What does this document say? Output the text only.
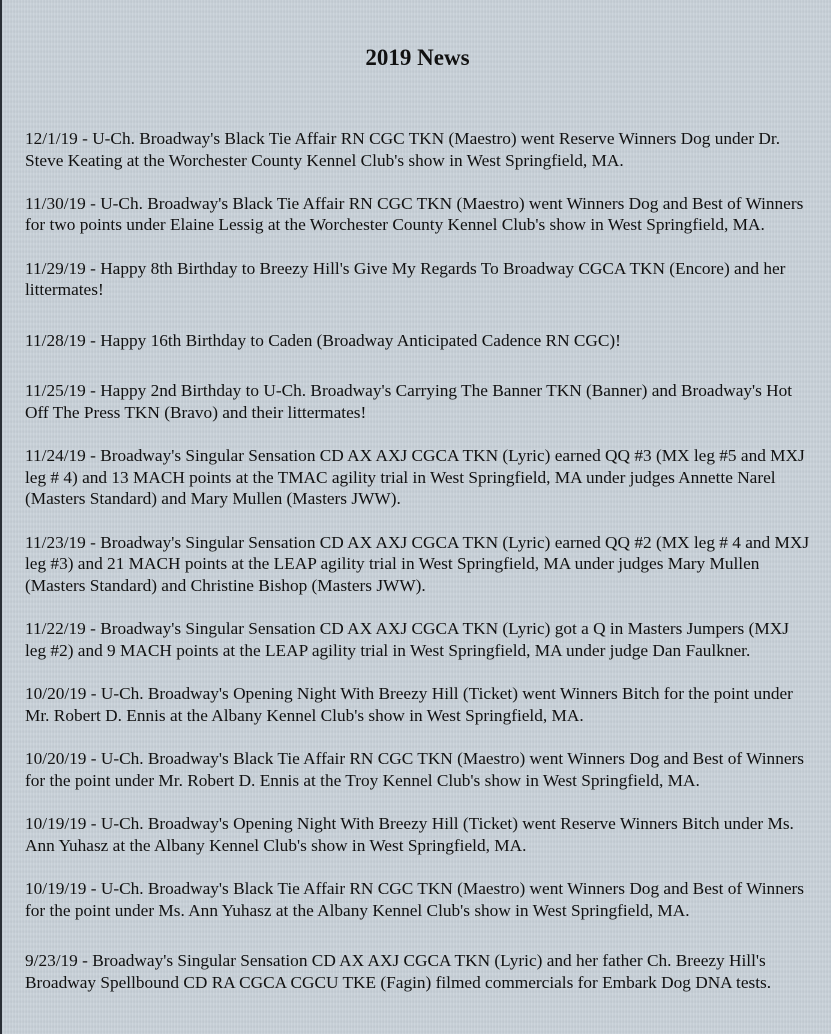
2019 News

12/1/19 - U-Ch. Broadway's Black Tie Affair RN CGC TKN (Maestro) went Reserve Winners Dog under Dr. Steve Keating at the Worchester County Kennel Club's show in West Springfield, MA.

11/30/19 - U-Ch. Broadway's Black Tie Affair RN CGC TKN (Maestro) went Winners Dog and Best of Winners for two points under Elaine Lessig at the Worchester County Kennel Club's show in West Springfield, MA.

11/29/19 - Happy 8th Birthday to Breezy Hill's Give My Regards To Broadway CGCA TKN (Encore) and her littermates!

11/28/19 - Happy 16th Birthday to Caden (Broadway Anticipated Cadence RN CGC)!

11/25/19 - Happy 2nd Birthday to U-Ch. Broadway's Carrying The Banner TKN (Banner) and Broadway's Hot Off The Press TKN (Bravo) and their littermates!

11/24/19 - Broadway's Singular Sensation CD AX AXJ CGCA TKN (Lyric) earned QQ #3 (MX leg #5 and MXJ leg # 4) and 13 MACH points at the TMAC agility trial in West Springfield, MA under judges Annette Narel (Masters Standard) and Mary Mullen (Masters JWW).

11/23/19 - Broadway's Singular Sensation CD AX AXJ CGCA TKN (Lyric) earned QQ #2 (MX leg # 4 and MXJ leg #3) and 21 MACH points at the LEAP agility trial in West Springfield, MA under judges Mary Mullen (Masters Standard) and Christine Bishop (Masters JWW).

11/22/19 - Broadway's Singular Sensation CD AX AXJ CGCA TKN (Lyric) got a Q in Masters Jumpers (MXJ leg #2) and 9 MACH points at the LEAP agility trial in West Springfield, MA under judge Dan Faulkner.

10/20/19 - U-Ch. Broadway's Opening Night With Breezy Hill (Ticket) went Winners Bitch for the point under Mr. Robert D. Ennis at the Albany Kennel Club's show in West Springfield, MA.

10/20/19 - U-Ch. Broadway's Black Tie Affair RN CGC TKN (Maestro) went Winners Dog and Best of Winners for the point under Mr. Robert D. Ennis at the Troy Kennel Club's show in West Springfield, MA.

10/19/19 - U-Ch. Broadway's Opening Night With Breezy Hill (Ticket) went Reserve Winners Bitch under Ms. Ann Yuhasz at the Albany Kennel Club's show in West Springfield, MA.

10/19/19 - U-Ch. Broadway's Black Tie Affair RN CGC TKN (Maestro) went Winners Dog and Best of Winners for the point under Ms. Ann Yuhasz at the Albany Kennel Club's show in West Springfield, MA.

9/23/19 - Broadway's Singular Sensation CD AX AXJ CGCA TKN (Lyric) and her father Ch. Breezy Hill's Broadway Spellbound CD RA CGCA CGCU TKE (Fagin) filmed commercials for Embark Dog DNA tests.
